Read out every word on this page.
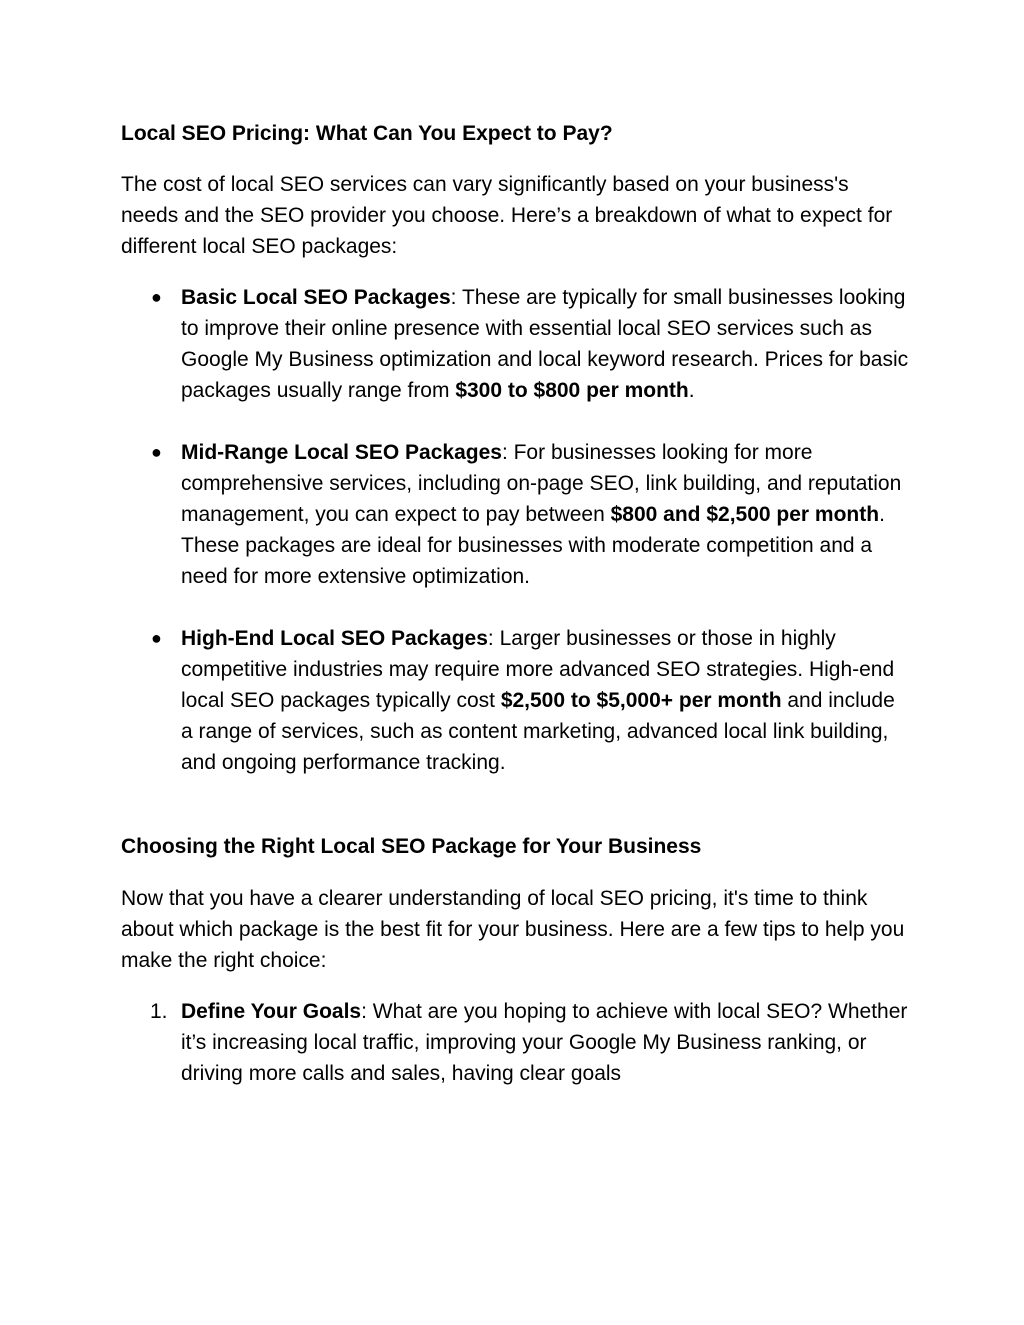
Local SEO Pricing: What Can You Expect to Pay?

The cost of local SEO services can vary significantly based on your business's needs and the SEO provider you choose. Here’s a breakdown of what to expect for different local SEO packages:

● Basic Local SEO Packages: These are typically for small businesses looking to improve their online presence with essential local SEO services such as Google My Business optimization and local keyword research. Prices for basic packages usually range from $300 to $800 per month.
● Mid-Range Local SEO Packages: For businesses looking for more comprehensive services, including on-page SEO, link building, and reputation management, you can expect to pay between $800 and $2,500 per month. These packages are ideal for businesses with moderate competition and a need for more extensive optimization.
● High-End Local SEO Packages: Larger businesses or those in highly competitive industries may require more advanced SEO strategies. High-end local SEO packages typically cost $2,500 to $5,000+ per month and include a range of services, such as content marketing, advanced local link building, and ongoing performance tracking.
Choosing the Right Local SEO Package for Your Business

Now that you have a clearer understanding of local SEO pricing, it's time to think about which package is the best fit for your business. Here are a few tips to help you make the right choice:

1. Define Your Goals: What are you hoping to achieve with local SEO? Whether it’s increasing local traffic, improving your Google My Business ranking, or driving more calls and sales, having clear goals
